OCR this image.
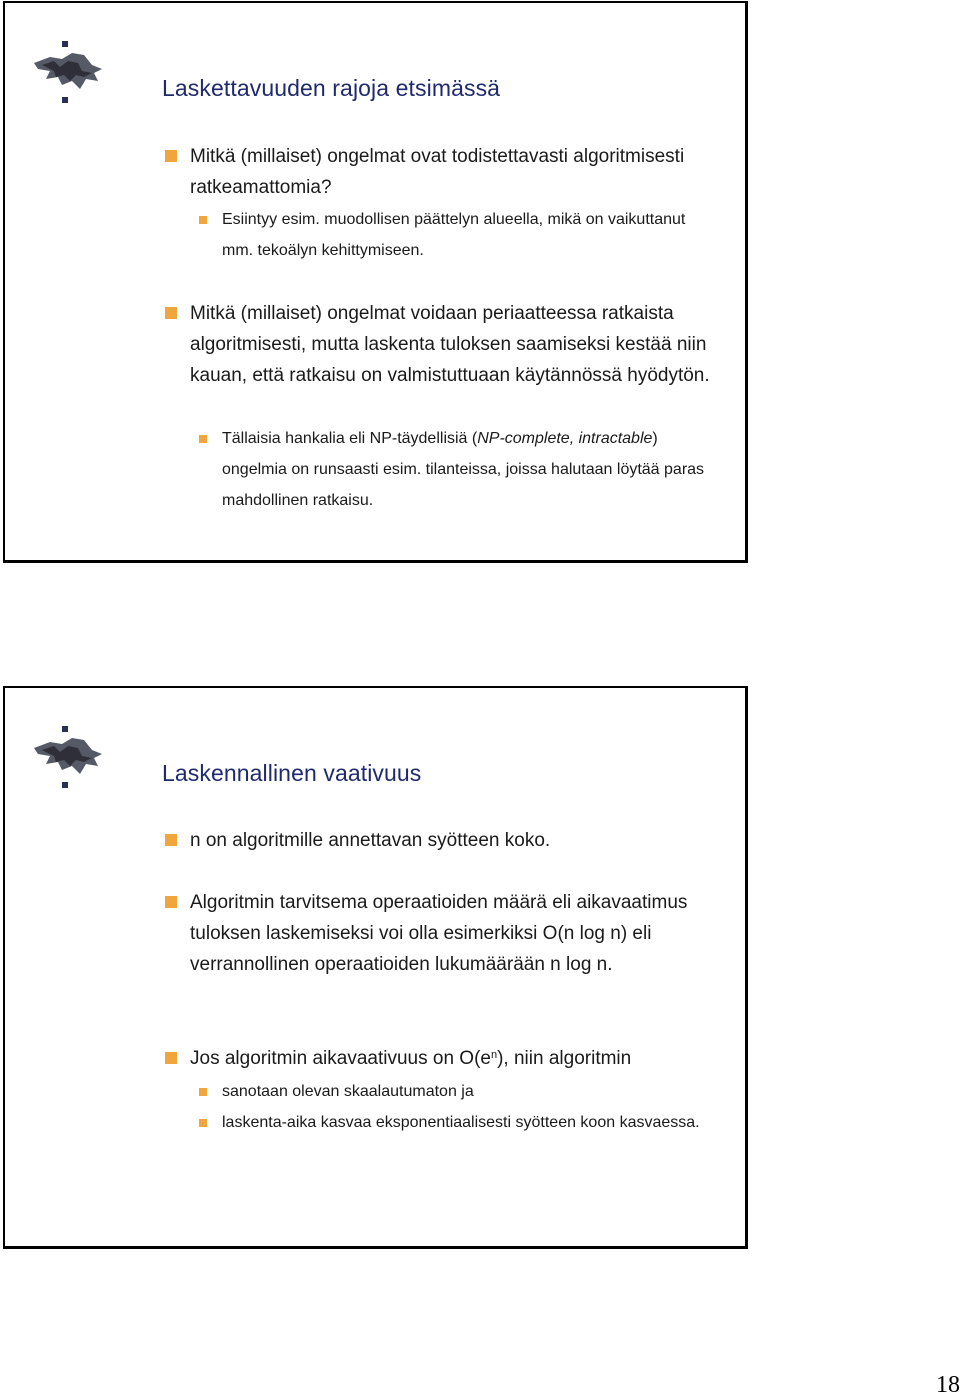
Laskettavuuden rajoja etsimässä
Mitkä (millaiset) ongelmat ovat todistettavasti algoritmisesti ratkeamattomia?
Esiintyy esim. muodollisen päättelyn alueella, mikä on vaikuttanut mm. tekoälyn kehittymiseen.
Mitkä (millaiset) ongelmat voidaan periaatteessa ratkaista algoritmisesti, mutta laskenta tuloksen saamiseksi kestää niin kauan, että ratkaisu on valmistuttuaan käytännössä hyödytön.
Tällaisia hankalia eli NP-täydellisiä (NP-complete, intractable) ongelmia on runsaasti esim. tilanteissa, joissa halutaan löytää paras mahdollinen ratkaisu.
Laskennallinen vaativuus
n on algoritmille annettavan syötteen koko.
Algoritmin tarvitsema operaatioiden määrä eli aikavaatimus tuloksen laskemiseksi voi olla esimerkiksi O(n log n) eli verrannollinen operaatioiden lukumäärään n log n.
Jos algoritmin aikavaativuus on $O(e^n)$, niin algoritmin
sanotaan olevan skaalautumaton ja
laskenta-aika kasvaa eksponentiaalisesti syötteen koon kasvaessa.
18
